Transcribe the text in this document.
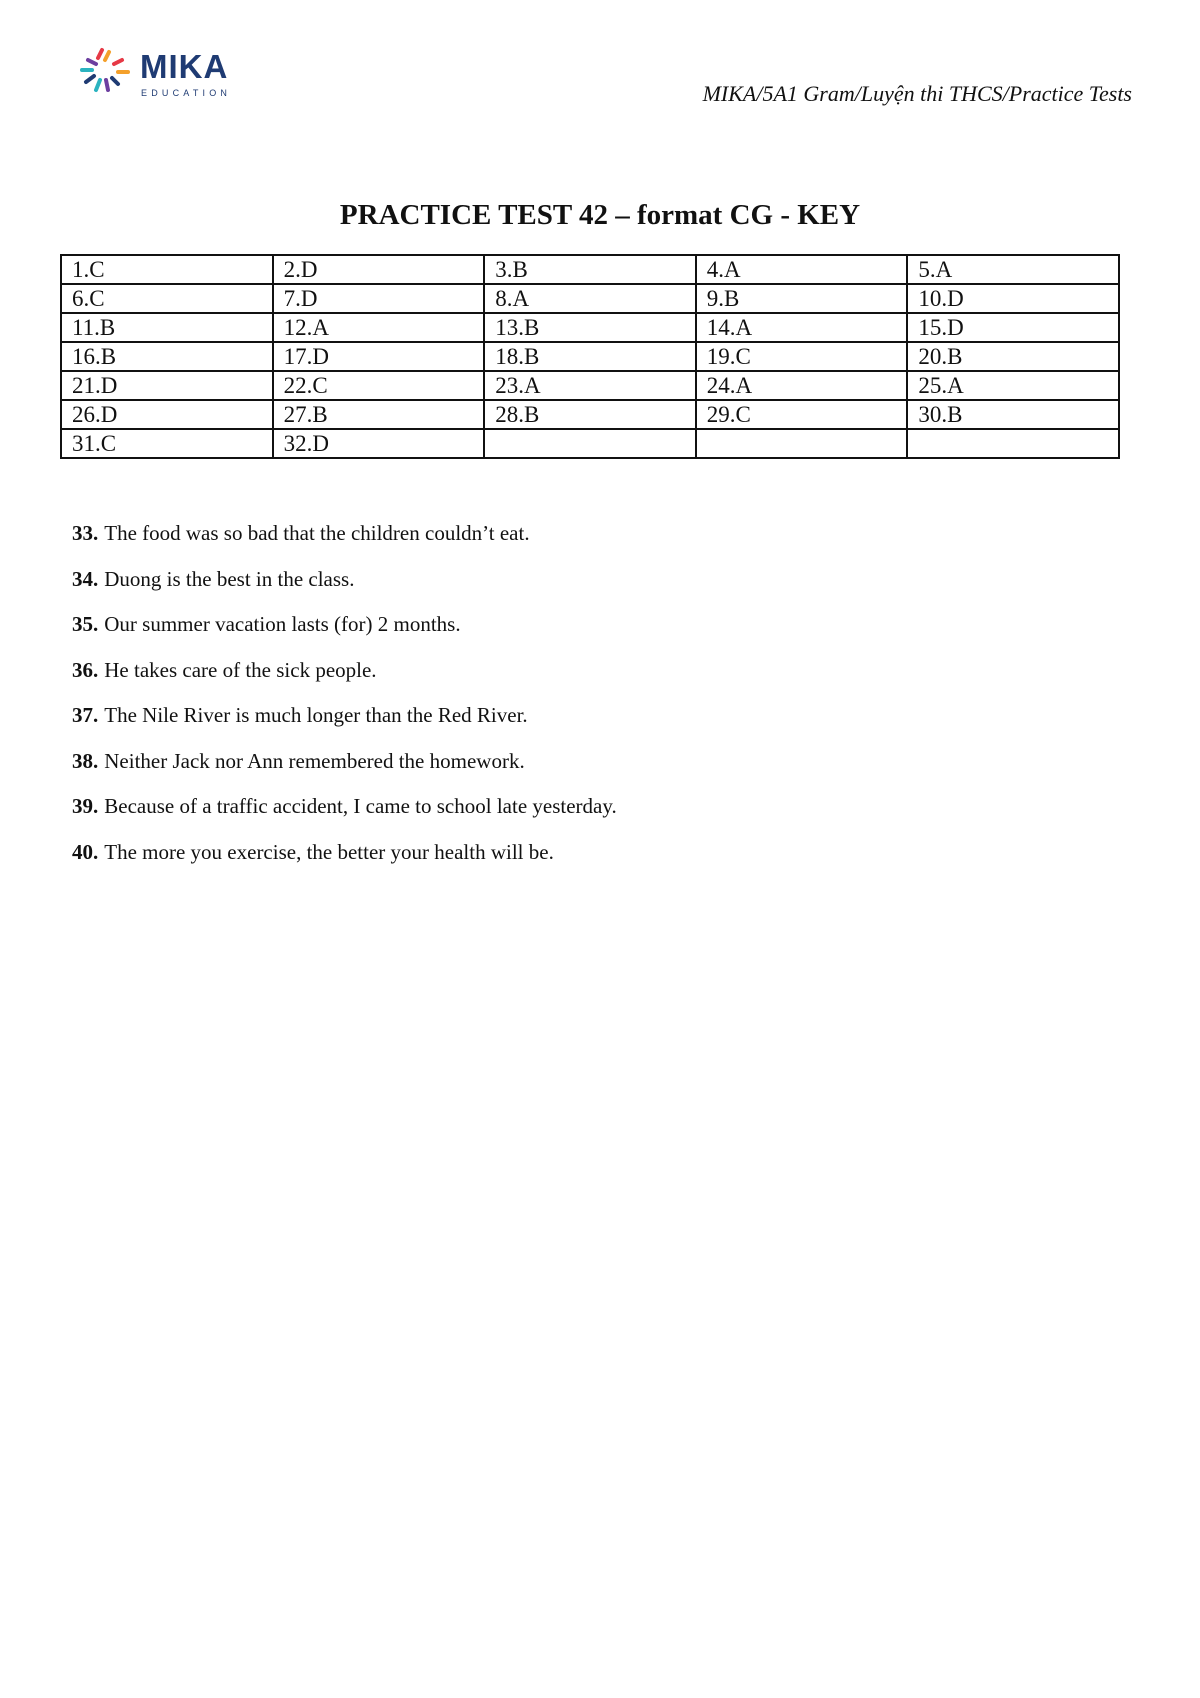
MIKA
EDUCATION	MIKA/5A1 Gram/Luyện thi THCS/Practice Tests
PRACTICE TEST 42 – format CG - KEY
1.C	2.D	3.B	4.A	5.A
6.C	7.D	8.A	9.B	10.D
11.B	12.A	13.B	14.A	15.D
16.B	17.D	18.B	19.C	20.B
21.D	22.C	23.A	24.A	25.A
26.D	27.B	28.B	29.C	30.B
31.C	32.D			
33. The food was so bad that the children couldn’t eat.
34. Duong is the best in the class.
35. Our summer vacation lasts (for) 2 months.
36. He takes care of the sick people.
37. The Nile River is much longer than the Red River.
38. Neither Jack nor Ann remembered the homework.
39. Because of a traffic accident, I came to school late yesterday.
40. The more you exercise, the better your health will be.
